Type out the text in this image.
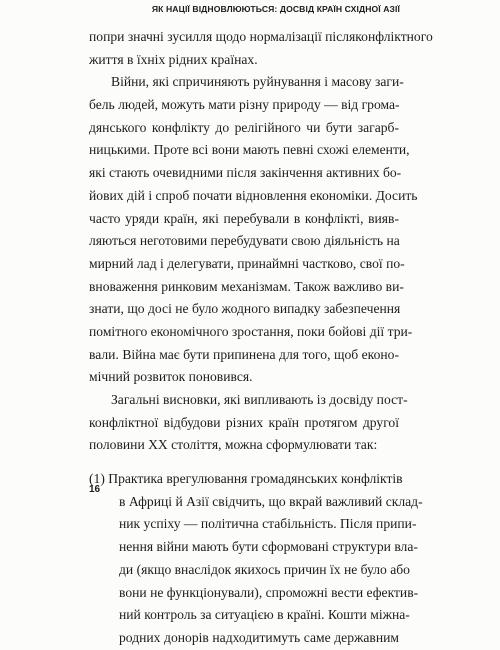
ЯК НАЦІЇ ВІДНОВЛЮЮТЬСЯ: ДОСВІД КРАЇН СХІДНОЇ АЗІЇ
попри значні зусилля щодо нормалізації післяконфліктного
життя в їхніх рідних країнах.
Війни, які спричиняють руйнування і масову заги-
бель людей, можуть мати різну природу — від грома-
дянського конфлікту до релігійного чи бути загарб-
ницькими. Проте всі вони мають певні схожі елементи,
які стають очевидними після закінчення активних бо-
йових дій і спроб почати відновлення економіки. Досить
часто уряди країн, які перебували в конфлікті, вияв-
ляються неготовими перебудувати свою діяльність на
мирний лад і делегувати, принаймні частково, свої по-
вноваження ринковим механізмам. Також важливо ви-
знати, що досі не було жодного випадку забезпечення
помітного економічного зростання, поки бойові дії три-
вали. Війна має бути припинена для того, щоб еконо-
мічний розвиток поновився.
Загальні висновки, які випливають із досвіду пост-
конфліктної відбудови різних країн протягом другої
половини XX століття, можна сформулювати так:
(1) Практика врегулювання громадянських конфліктів
в Африці й Азії свідчить, що вкрай важливий склад-
ник успіху — політична стабільність. Після припи-
нення війни мають бути сформовані структури вла-
ди (якщо внаслідок якихось причин їх не було або
вони не функціонували), спроможні вести ефектив-
ний контроль за ситуацією в країні. Кошти міжна-
родних донорів надходитимуть саме державним
16
